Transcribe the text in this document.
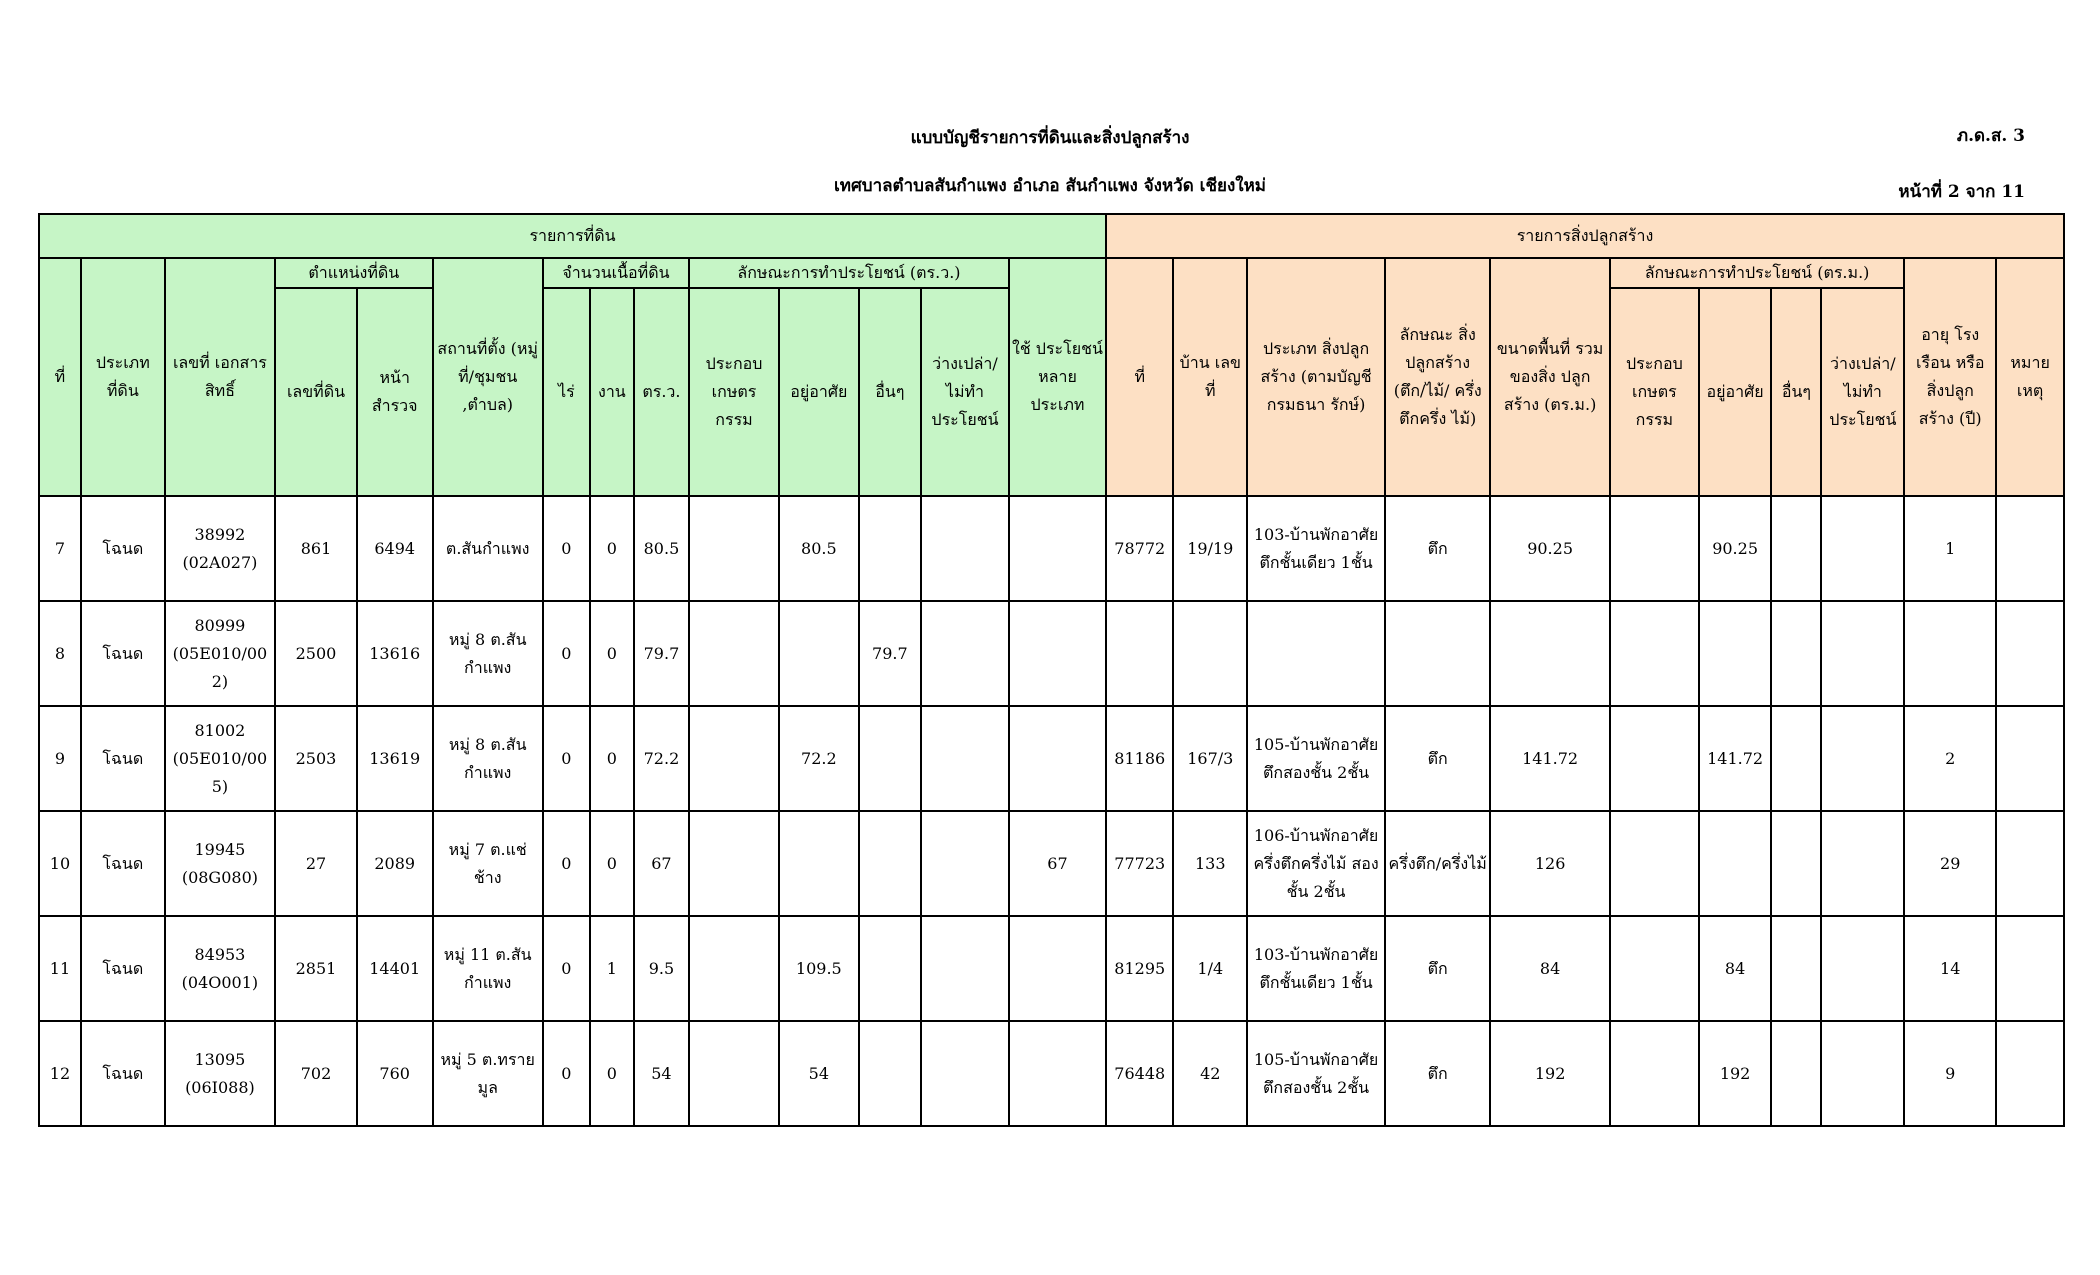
แบบบัญชีรายการที่ดินและสิ่งปลูกสร้าง
เทศบาลตำบลสันกำแพง อำเภอ สันกำแพง จังหวัด เชียงใหม่
ภ.ด.ส. 3
หน้าที่ 2 จาก 11
รายการที่ดิน														รายการสิ่งปลูกสร้าง										
ที่	ประเภท ที่ดิน	เลขที่ เอกสาร สิทธิ์	ตำแหน่งที่ดิน		สถานที่ตั้ง (หมู่ที่/ชุมชน ,ตำบล)	จำนวนเนื้อที่ดิน			ลักษณะการทำประโยชน์ (ตร.ว.)				ใช้ ประโยชน์ หลาย ประเภท	ที่	บ้าน เลขที่	ประเภท สิ่งปลูกสร้าง (ตามบัญชี กรมธนา รักษ์)	ลักษณะ สิ่ง ปลูกสร้าง (ตึก/ไม้/ ครึ่งตึกครึ่ง ไม้)	ขนาดพื้นที่ รวม ของสิ่ง ปลูกสร้าง (ตร.ม.)	ลักษณะการทำประโยชน์ (ตร.ม.)				อายุ โรงเรือน หรือ สิ่งปลูก สร้าง (ปี)	หมาย เหตุ
			เลขที่ดิน	หน้า สำรวจ		ไร่	งาน	ตร.ว.	ประกอบ เกษตร กรรม	อยู่อาศัย	อื่นๆ	ว่างเปล่า/ ไม่ทำ ประโยชน์							ประกอบ เกษตร กรรม	อยู่อาศัย	อื่นๆ	ว่างเปล่า/ ไม่ทำ ประโยชน์		
7	โฉนด	38992 (02A027)	861	6494	ต.สันกำแพง	0	0	80.5		80.5				78772	19/19	103-บ้านพักอาศัย ตึกชั้นเดียว 1ชั้น	ตึก	90.25		90.25			1	
8	โฉนด	80999 (05E010/002)	2500	13616	หมู่ 8 ต.สัน กำแพง	0	0	79.7			79.7													
9	โฉนด	81002 (05E010/005)	2503	13619	หมู่ 8 ต.สัน กำแพง	0	0	72.2		72.2				81186	167/3	105-บ้านพักอาศัย ตึกสองชั้น 2ชั้น	ตึก	141.72		141.72			2	
10	โฉนด	19945 (08G080)	27	2089	หมู่ 7 ต.แช่ช้าง	0	0	67					67	77723	133	106-บ้านพักอาศัย ครึ่งตึกครึ่งไม้ สองชั้น 2ชั้น	ครึ่งตึก/ครึ่งไม้	126					29	
11	โฉนด	84953 (04O001)	2851	14401	หมู่ 11 ต.สัน กำแพง	0	1	9.5		109.5				81295	1/4	103-บ้านพักอาศัย ตึกชั้นเดียว 1ชั้น	ตึก	84		84			14	
12	โฉนด	13095 (06I088)	702	760	หมู่ 5 ต.ทราย มูล	0	0	54		54				76448	42	105-บ้านพักอาศัย ตึกสองชั้น 2ชั้น	ตึก	192		192			9	
